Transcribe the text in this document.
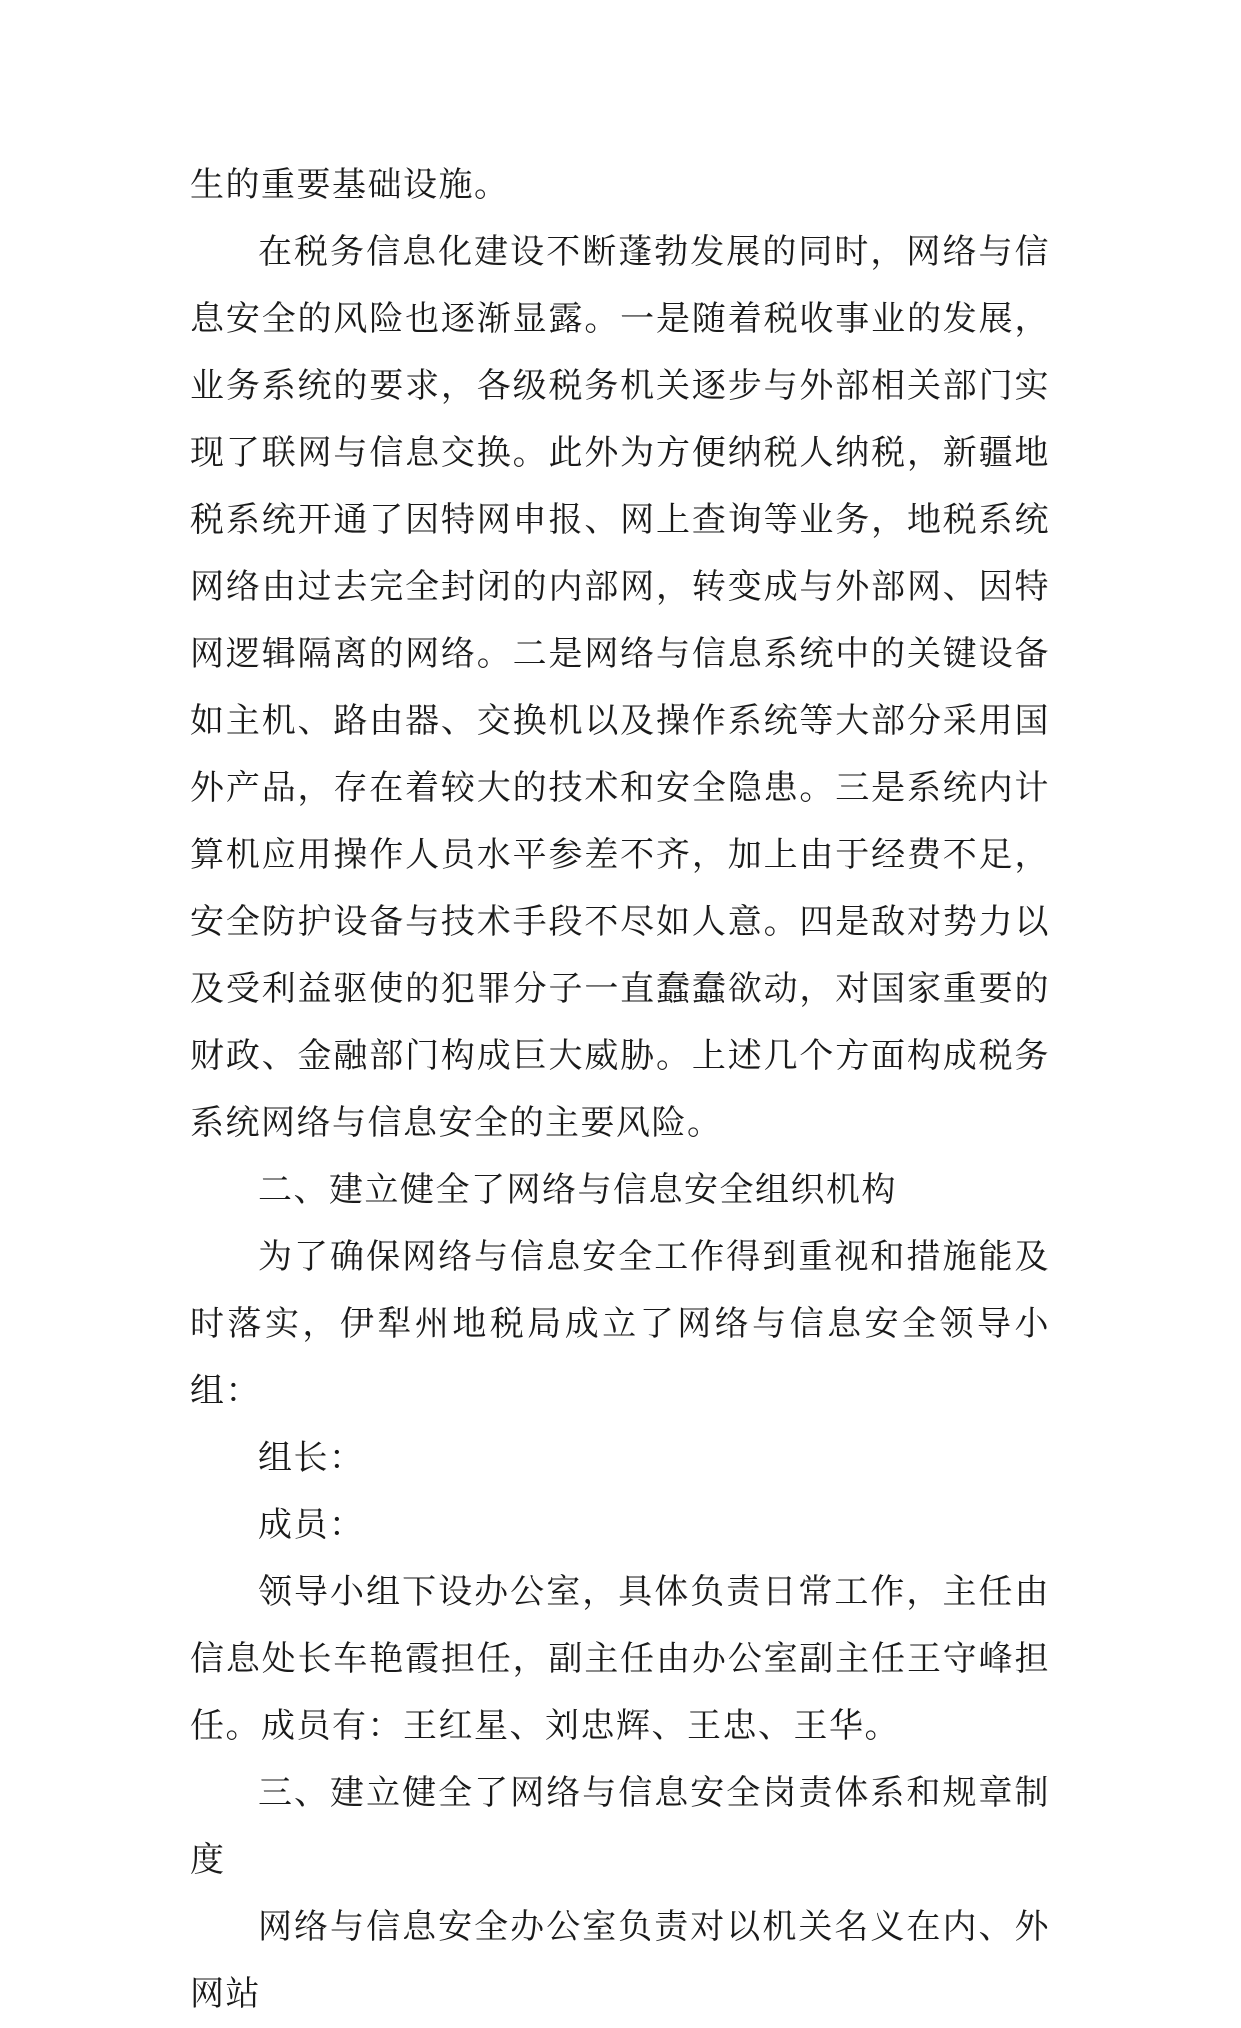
生的重要基础设施。

在税务信息化建设不断蓬勃发展的同时，网络与信息安全的风险也逐渐显露。一是随着税收事业的发展，业务系统的要求，各级税务机关逐步与外部相关部门实现了联网与信息交换。此外为方便纳税人纳税，新疆地税系统开通了因特网申报、网上查询等业务，地税系统网络由过去完全封闭的内部网，转变成与外部网、因特网逻辑隔离的网络。二是网络与信息系统中的关键设备如主机、路由器、交换机以及操作系统等大部分采用国外产品，存在着较大的技术和安全隐患。三是系统内计算机应用操作人员水平参差不齐，加上由于经费不足，安全防护设备与技术手段不尽如人意。四是敌对势力以及受利益驱使的犯罪分子一直蠢蠢欲动，对国家重要的财政、金融部门构成巨大威胁。上述几个方面构成税务系统网络与信息安全的主要风险。

二、建立健全了网络与信息安全组织机构

为了确保网络与信息安全工作得到重视和措施能及时落实，伊犁州地税局成立了网络与信息安全领导小组：

组长：

成员：

领导小组下设办公室，具体负责日常工作，主任由信息处长车艳霞担任，副主任由办公室副主任王守峰担任。成员有：王红星、刘忠辉、王忠、王华。

三、建立健全了网络与信息安全岗责体系和规章制度

网络与信息安全办公室负责对以机关名义在内、外网站
